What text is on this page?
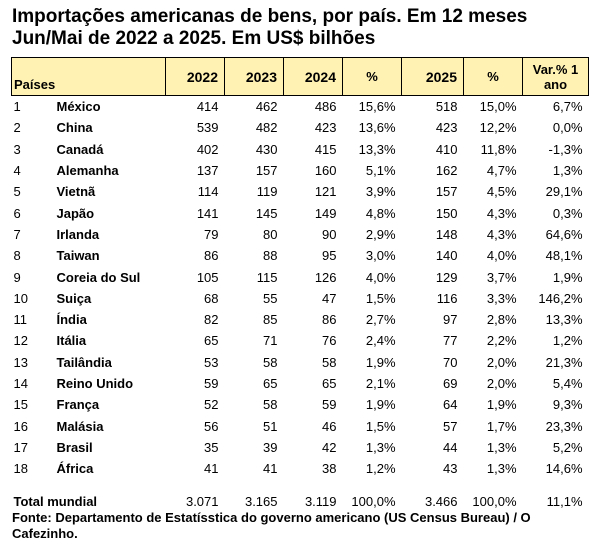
Importações americanas de bens, por país. Em 12 meses Jun/Mai de 2022 a 2025. Em US$ bilhões
Países		2022	2023	2024	%	2025	%	Var.% 1 ano
1	México	414	462	486	15,6%	518	15,0%	6,7%
2	China	539	482	423	13,6%	423	12,2%	0,0%
3	Canadá	402	430	415	13,3%	410	11,8%	-1,3%
4	Alemanha	137	157	160	5,1%	162	4,7%	1,3%
5	Vietnã	114	119	121	3,9%	157	4,5%	29,1%
6	Japão	141	145	149	4,8%	150	4,3%	0,3%
7	Irlanda	79	80	90	2,9%	148	4,3%	64,6%
8	Taiwan	86	88	95	3,0%	140	4,0%	48,1%
9	Coreia do Sul	105	115	126	4,0%	129	3,7%	1,9%
10	Suiça	68	55	47	1,5%	116	3,3%	146,2%
11	Índia	82	85	86	2,7%	97	2,8%	13,3%
12	Itália	65	71	76	2,4%	77	2,2%	1,2%
13	Tailândia	53	58	58	1,9%	70	2,0%	21,3%
14	Reino Unido	59	65	65	2,1%	69	2,0%	5,4%
15	França	52	58	59	1,9%	64	1,9%	9,3%
16	Malásia	56	51	46	1,5%	57	1,7%	23,3%
17	Brasil	35	39	42	1,3%	44	1,3%	5,2%
18	África	41	41	38	1,2%	43	1,3%	14,6%
Total mundial		3.071	3.165	3.119	100,0%	3.466	100,0%	11,1%
Fonte: Departamento de Estatísstica do governo americano (US Census Bureau) / O Cafezinho.
